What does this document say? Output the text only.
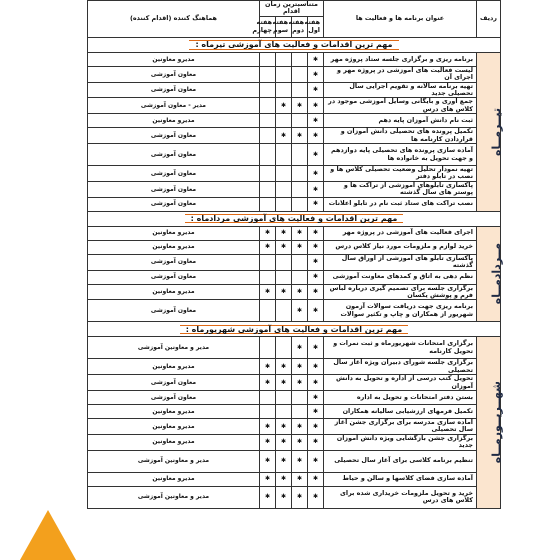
ردیف	عنوان برنامه ها و فعالیت ها	متناسبترین زمان اقدام				هماهنگ کننده (اقدام کننده)
		هفته اول	هفته دوم	هفته سوم	هفته چهارم	
مهم ترین اقدامات و فعالیت های آموزشی تیرماه :						

تیــرمــاه	برنامه ریزی و برگزاری جلسه ستاد پروژه مهر	✱				مدیرو معاونین
	لیست فعالیت های آموزشی در پروژه مهر و اجرای آن	✱				معاون آموزشی
	تهیه برنامه سالانه و تقویم اجرایی سال تحصیلی جدید	✱				معاون آموزشی
	جمع آوری و بایگانی وسایل آموزشی موجود در کلاس های درس	✱	✱	✱		مدیر - معاون آموزشی
	ثبت نام دانش آموزان پایه دهم	✱				مدیرو معاونین
	تکمیل پرونده های تحصیلی دانش آموزان و قراردادن کارنامه ها	✱	✱	✱		معاون آموزشی
	آماده سازی پرونده های تحصیلی پایه دوازدهم و جهت تحویل به خانواده ها	✱				معاون آموزشی
	تهیه نمودار تحلیل وضعیت تحصیلی کلاس ها و نصب در تابلو دفتر	✱				معاون آموزشی
	پاکسازی تابلوهای آموزشی از تراکت ها و پوستر های سال گذشته	✱				معاون آموزشی
	نصب تراکت های ستاد ثبت نام در تابلو اعلانات	✱				معاون آموزشی
مهم ترین اقدامات و فعالیت های آموزشی مردادماه :						

مــردادمــاه	اجرای فعالیت های آموزشی در پروژه مهر	✱	✱	✱	✱	مدیرو معاونین
	خرید لوازم و ملزومات مورد نیاز کلاس درس	✱	✱	✱	✱	مدیرو معاونین
	پاکسازی تابلو های آموزشی از اوراق سال گذشته	✱				معاون آموزشی
	نظم دهی به اتاق و کمدهای معاونت آموزشی	✱				معاون آموزشی
	برگزاری جلسه برای تصمیم گیری درباره لباس فرم و پوشش یکسان	✱	✱	✱	✱	مدیرو معاونین
	برنامه ریزی جهت دریافت سوالات آزمون شهریور از همکاران و چاپ و تکثیر سوالات	✱	✱			معاون آموزشی
مهم ترین اقدامات و فعالیت های آموزشی شهریورماه :						

شهــریــورمــاه	برگزاری امتحانات شهریورماه و ثبت نمرات و تحویل کارنامه	✱	✱			مدیر و معاونین آموزشی
	برگزاری جلسه شورای دبیران ویژه آغاز سال تحصیلی	✱	✱	✱	✱	مدیرو معاونین
	تحویل کتب درسی از اداره و تحویل به دانش آموزان	✱	✱	✱	✱	معاون آموزشی
	بستن دفتر امتحانات و تحویل به اداره	✱				معاون آموزشی
	تکمیل فرمهای ارزشیابی سالیانه همکاران	✱				مدیرو معاونین
	آماده سازی مدرسه برای برگزاری جشن آغاز سال تحصیلی	✱	✱	✱	✱	مدیرو معاونین
	برگزاری جشن بازگشایی ویژه دانش آموزان جدید	✱	✱	✱	✱	مدیرو معاونین
	تنظیم برنامه کلاسی برای آغاز سال تحصیلی	✱	✱	✱	✱	مدیر و معاونین آموزشی
	آماده سازی فضای کلاسها و سالن و حیاط	✱	✱	✱	✱	مدیرو معاونین
	خرید و تحویل ملزومات خریداری شده برای کلاس های درس	✱	✱	✱	✱	مدیر و معاونین آموزشی
